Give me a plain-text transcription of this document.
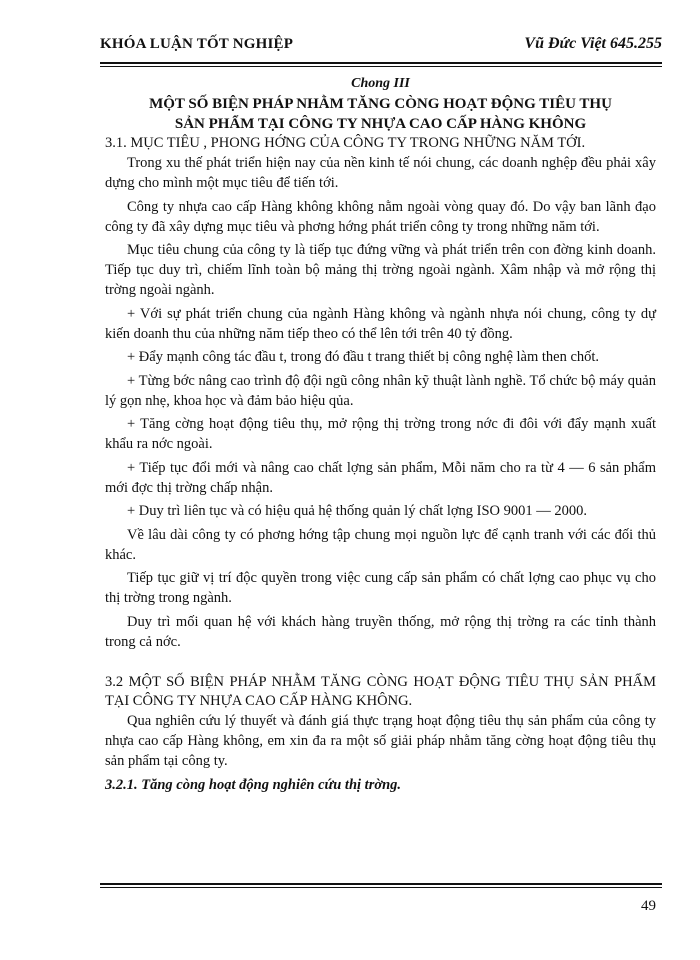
KHÓA LUẬN TỐT NGHIỆP	Vũ Đức Việt 645.255
Chong III
MỘT SỐ BIỆN PHÁP NHẰM TĂNG CÒNG HOẠT ĐỘNG TIÊU THỤ
SẢN PHẨM TẠI CÔNG TY NHỰA CAO CẤP HÀNG KHÔNG
3.1. MỤC TIÊU , PHONG HỚNG CỦA CÔNG TY TRONG NHỮNG NĂM TỚI.

Trong xu thế phát triển hiện nay của nền kinh tế nói chung, các doanh nghệp đều phải xây dựng cho mình một mục tiêu để tiến tới.

Công ty nhựa cao cấp Hàng không không nằm ngoài vòng quay đó. Do vậy ban lãnh đạo công ty đã xây dựng mục tiêu và phơng hớng phát triển công ty trong những năm tới.

Mục tiêu chung của công ty là tiếp tục đứng vững và phát triển trên con đờng kinh doanh. Tiếp tục duy trì, chiếm lĩnh toàn bộ mảng thị trờng ngoài ngành. Xâm nhập và mở rộng thị trờng ngoài ngành.

+ Với sự phát triển chung của ngành Hàng không và ngành nhựa nói chung, công ty dự kiến doanh thu của những năm tiếp theo có thể lên tới trên 40 tỷ đồng.

+ Đẩy mạnh công tác đầu t, trong đó đầu t trang thiết bị công nghệ làm then chốt.

+ Từng bớc nâng cao trình độ đội ngũ công nhân kỹ thuật lành nghề. Tổ chức bộ máy quản lý gọn nhẹ, khoa học và đảm bảo hiệu qủa.

+ Tăng cờng hoạt động tiêu thụ, mở rộng thị trờng trong nớc đi đôi với đẩy mạnh xuất khẩu ra nớc ngoài.

+ Tiếp tục đổi mới và nâng cao chất lợng sản phẩm, Mỗi năm cho ra từ 4 — 6 sản phẩm mới đợc thị trờng chấp nhận.

+ Duy trì liên tục và có hiệu quả hệ thống quản lý chất lợng ISO 9001 — 2000.

Về lâu dài công ty có phơng hớng tập chung mọi nguồn lực để cạnh tranh với các đối thủ khác.

Tiếp tục giữ vị trí độc quyền trong việc cung cấp sản phẩm có chất lợng cao phục vụ cho thị trờng trong ngành.

Duy trì mối quan hệ với khách hàng truyền thống, mở rộng thị trờng ra các tỉnh thành trong cả nớc.

3.2 MỘT SỐ BIỆN PHÁP NHẰM TĂNG CÒNG HOẠT ĐỘNG TIÊU THỤ SẢN PHẨM TẠI CÔNG TY NHỰA CAO CẤP HÀNG KHÔNG.

Qua nghiên cứu lý thuyết và đánh giá thực trạng hoạt động tiêu thụ sản phẩm của công ty nhựa cao cấp Hàng không, em xin đa ra một số giải pháp nhằm tăng cờng hoạt động tiêu thụ sản phẩm tại công ty.

3.2.1. Tăng còng hoạt động nghiên cứu thị trờng.
49
